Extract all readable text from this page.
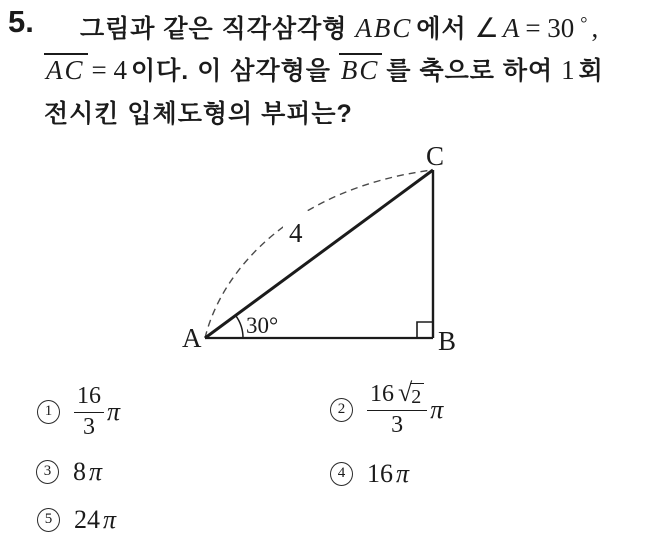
5. 그림과 같은 직각삼각형 ABC 에서 ∠ A = 30 ° ,
AC = 4 이다. 이 삼각형을 BC 를 축으로 하여 1 회
전시킨 입체도형의 부피는?
A	B
C
4
30°
$1 \frac{16}{3}$ π	$2 \frac{16 √ 2}{3}$ π
3 8 π	4 16 π
5 24 π
